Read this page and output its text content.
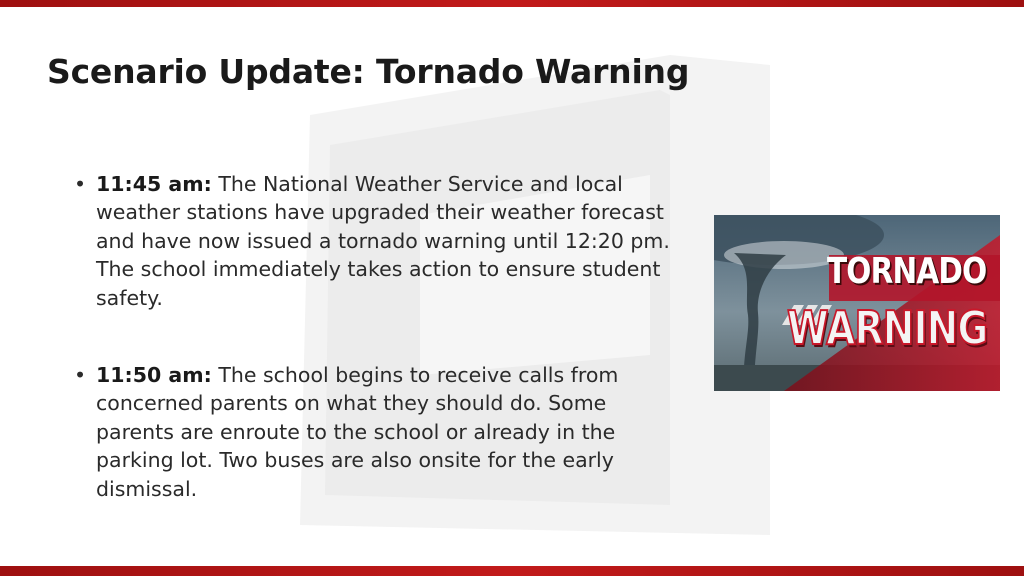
Scenario Update: Tornado Warning

• 11:45 am: The National Weather Service and local weather stations have upgraded their weather forecast and have now issued a tornado warning until 12:20 pm. The school immediately takes action to ensure student safety.

• 11:50 am: The school begins to receive calls from concerned parents on what they should do. Some parents are enroute to the school or already in the parking lot. Two buses are also onsite for the early dismissal.

TORNADO
WARNING
